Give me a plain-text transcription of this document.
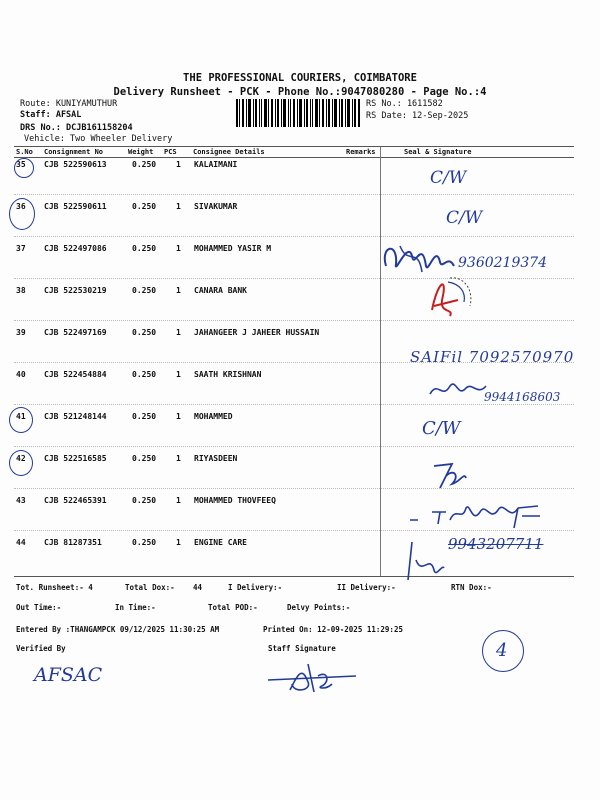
THE PROFESSIONAL COURIERS, COIMBATORE
Delivery Runsheet - PCK - Phone No.:9047080280 - Page No.:4
Route: KUNIYAMUTHUR
Staff: AFSAL
DRS No.: DCJB161158204
Vehicle: Two Wheeler Delivery
RS No.: 1611582
RS Date: 12-Sep-2025
S.No Consignment No	Weight PCS Consignee Details	Remarks	Seal & Signature
35 CJB 522590613	0.250 1 KALAIMANI
36 CJB 522590611	0.250 1 SIVAKUMAR
37 CJB 522497086	0.250 1 MOHAMMED YASIR M
38 CJB 522530219	0.250 1 CANARA BANK
39 CJB 522497169	0.250 1 JAHANGEER J JAHEER HUSSAIN
40 CJB 522454884	0.250 1 SAATH KRISHNAN
41 CJB 521248144	0.250 1 MOHAMMED
42 CJB 522516585	0.250 1 RIYASDEEN
43 CJB 522465391	0.250 1 MOHAMMED THOVFEEQ
44 CJB 81287351	0.250 1 ENGINE CARE
Tot. Runsheet:- 4	Total Dox:- 44	I Delivery:-	II Delivery:-	RTN Dox:-
Out Time:-	In Time:-	Total POD:-	Delvy Points:-
Entered By :THANGAMPCK 09/12/2025 11:30:25 AM	Printed On: 12-09-2025 11:29:25
Verified By	Staff Signature
C/W
C/W
9360219374
SAIFil 7092570970
9944168603
C/W
9943207711
4
AFSAC
